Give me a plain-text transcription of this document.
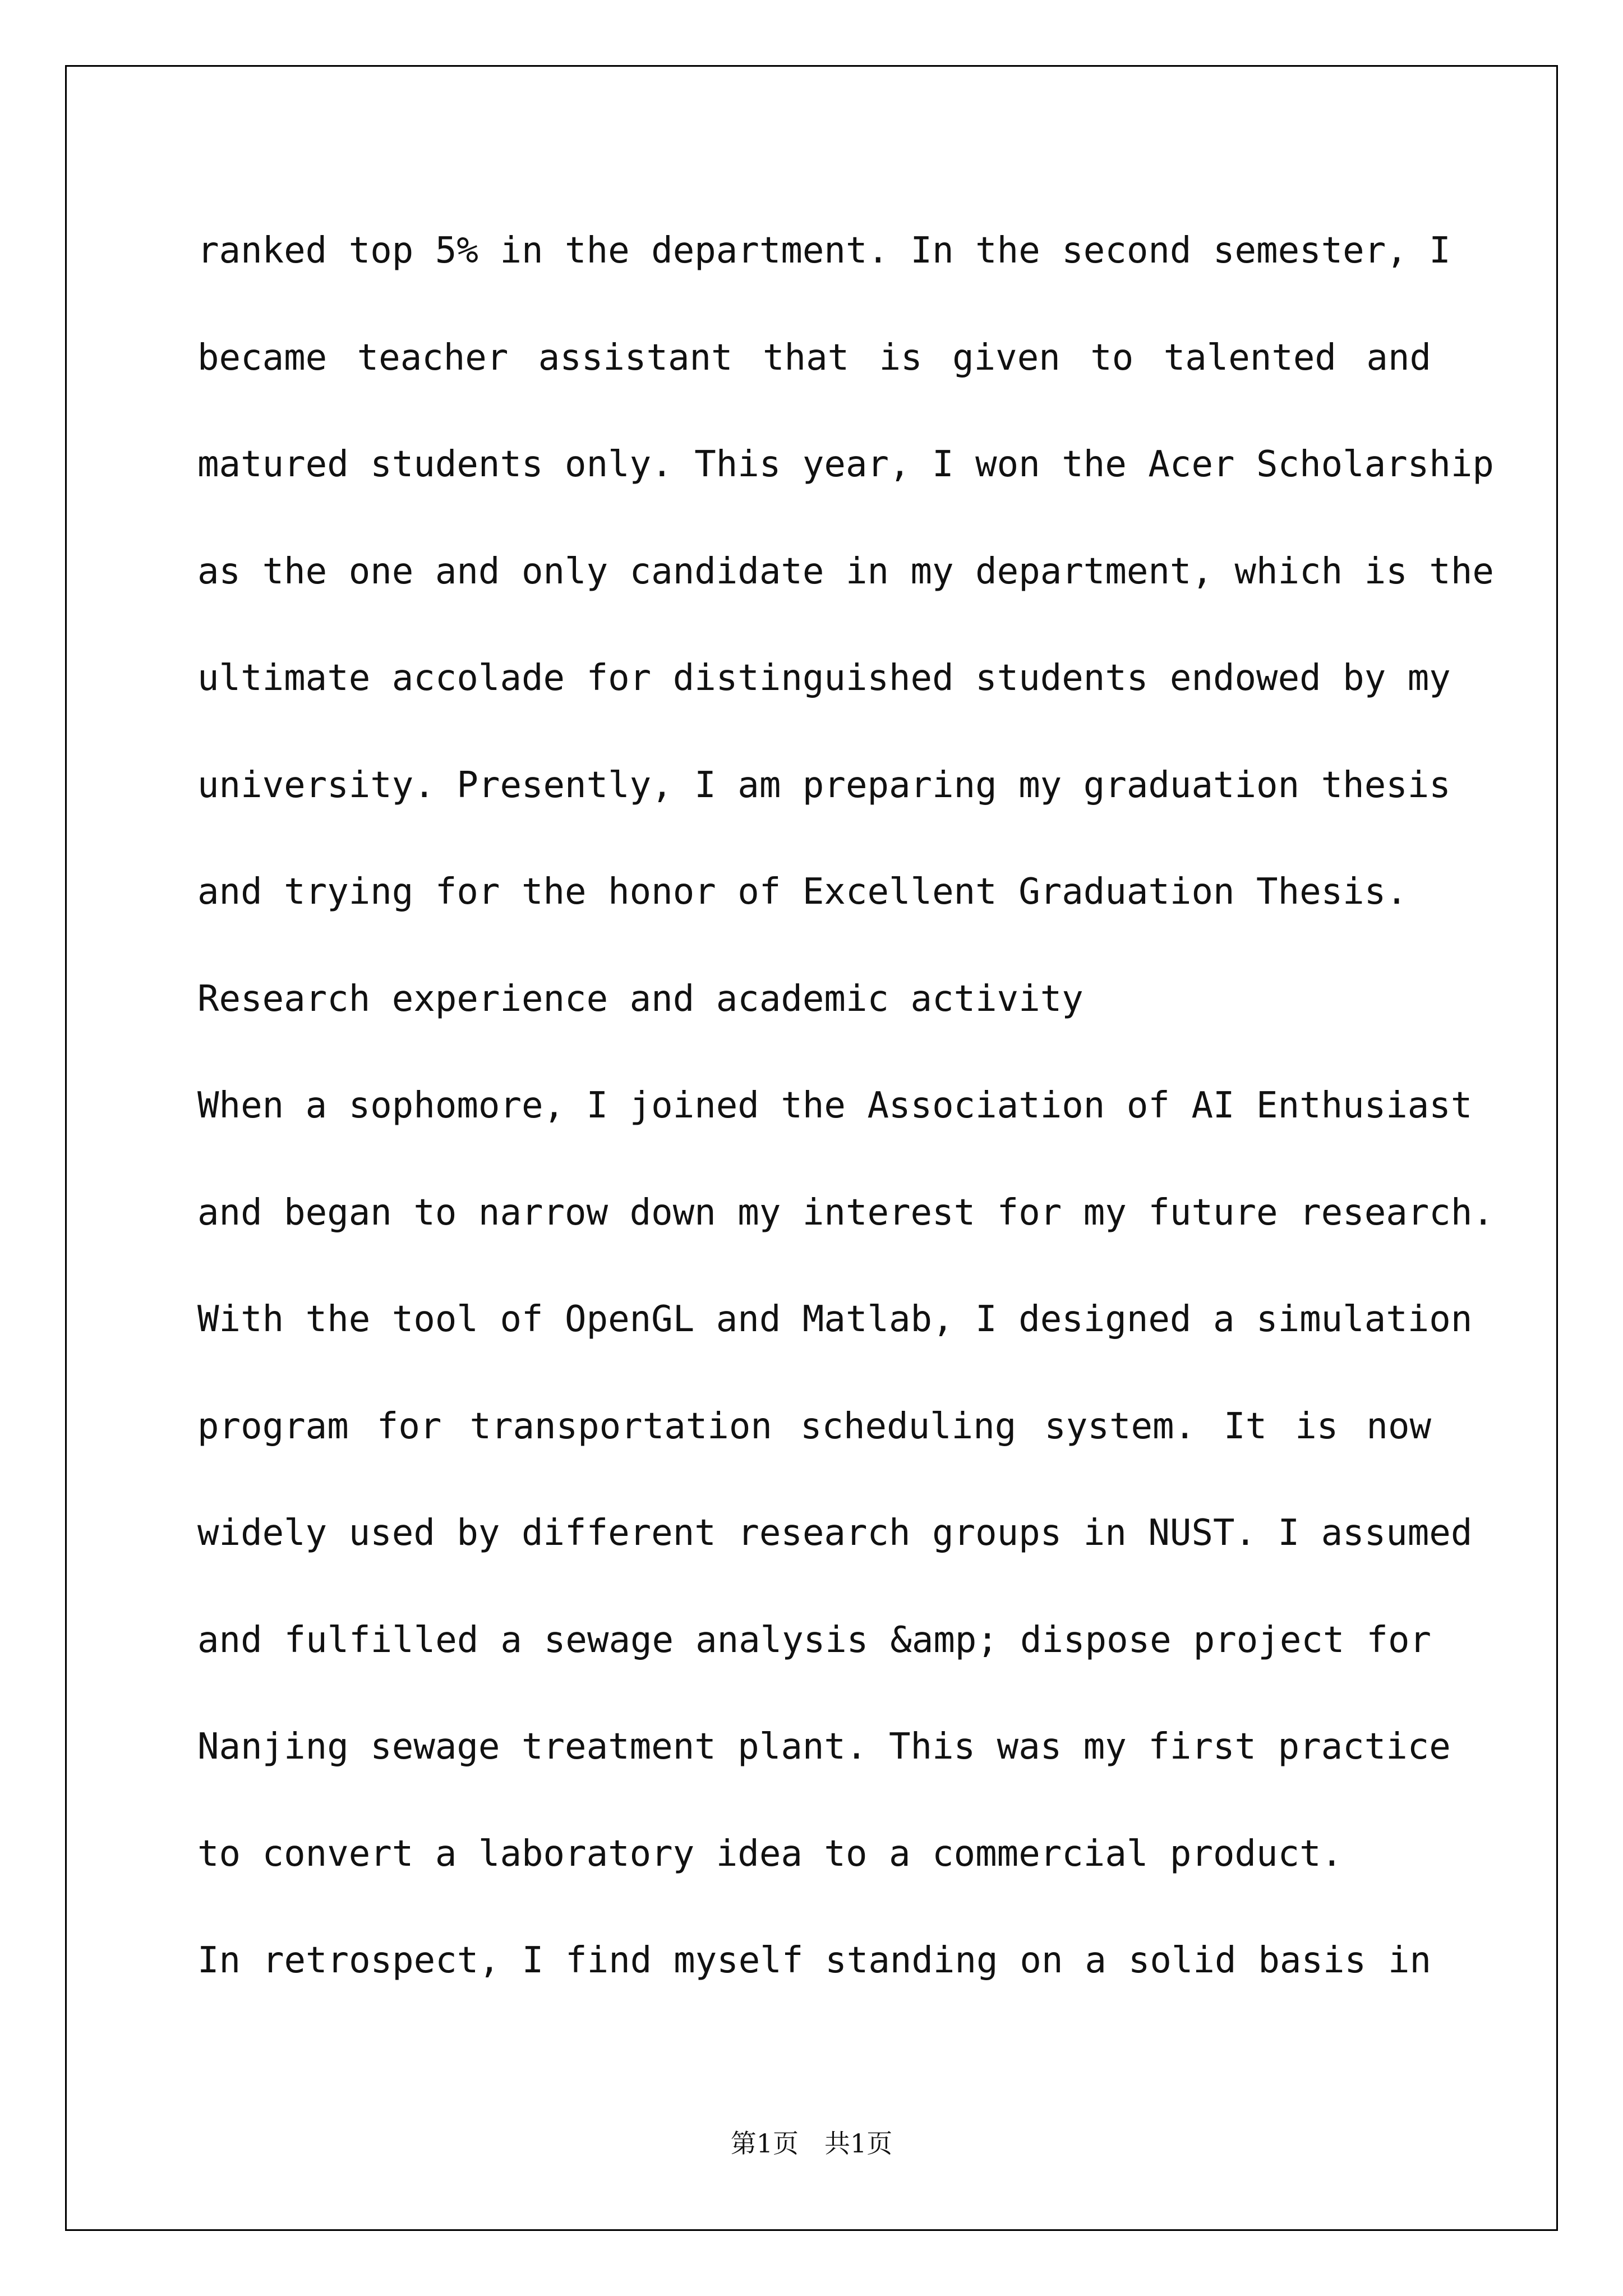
ranked top 5% in the department. In the second semester, I
became teacher assistant that is given to talented and
matured students only. This year, I won the Acer Scholarship
as the one and only candidate in my department, which is the
ultimate accolade for distinguished students endowed by my
university. Presently, I am preparing my graduation thesis
and trying for the honor of Excellent Graduation Thesis.
Research experience and academic activity
When a sophomore, I joined the Association of AI Enthusiast
and began to narrow down my interest for my future research.
With the tool of OpenGL and Matlab, I designed a simulation
program for transportation scheduling system. It is now
widely used by different research groups in NUST. I assumed
and fulfilled a sewage analysis &amp; dispose project for
Nanjing sewage treatment plant. This was my first practice
to convert a laboratory idea to a commercial product.
In retrospect, I find myself standing on a solid basis in
第1页　共1页
